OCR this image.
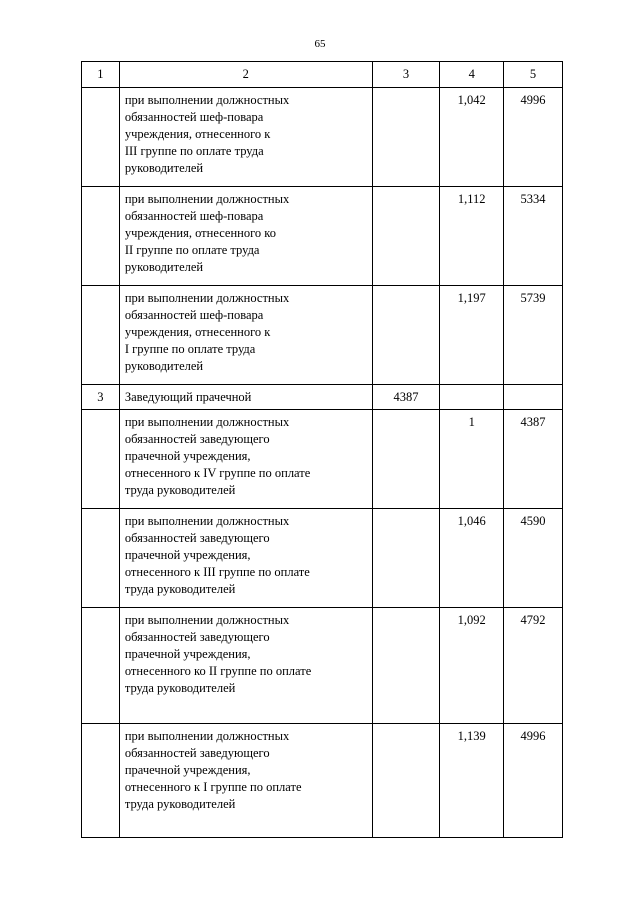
65
1	2	3	4	5
	при выполнении должностных
обязанностей шеф-повара
учреждения, отнесенного к
III группе по оплате труда
руководителей		1,042	4996
	при выполнении должностных
обязанностей шеф-повара
учреждения, отнесенного ко
II группе по оплате труда
руководителей		1,112	5334
	при выполнении должностных
обязанностей шеф-повара
учреждения, отнесенного к
I группе по оплате труда
руководителей		1,197	5739
3	Заведующий прачечной	4387		
	при выполнении должностных
обязанностей заведующего
прачечной учреждения,
отнесенного к IV группе по оплате
труда руководителей		1	4387
	при выполнении должностных
обязанностей заведующего
прачечной учреждения,
отнесенного к III группе по оплате
труда руководителей		1,046	4590
	при выполнении должностных
обязанностей заведующего
прачечной учреждения,
отнесенного ко II группе по оплате
труда руководителей		1,092	4792
	при выполнении должностных
обязанностей заведующего
прачечной учреждения,
отнесенного к I группе по оплате
труда руководителей		1,139	4996
